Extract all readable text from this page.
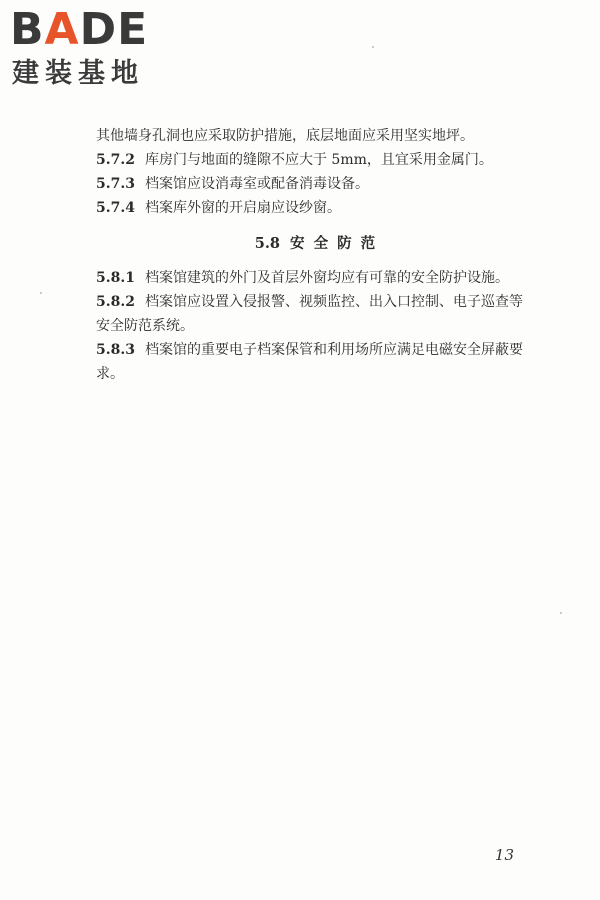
BADE
建装基地

其他墙身孔洞也应采取防护措施，底层地面应采用坚实地坪。

5.7.2 库房门与地面的缝隙不应大于 5mm，且宜采用金属门。

5.7.3 档案馆应设消毒室或配备消毒设备。

5.7.4 档案库外窗的开启扇应设纱窗。

5.8 安 全 防 范

5.8.1 档案馆建筑的外门及首层外窗均应有可靠的安全防护设施。

5.8.2 档案馆应设置入侵报警、视频监控、出入口控制、电子巡查等安全防范系统。

5.8.3 档案馆的重要电子档案保管和利用场所应满足电磁安全屏蔽要求。

13
